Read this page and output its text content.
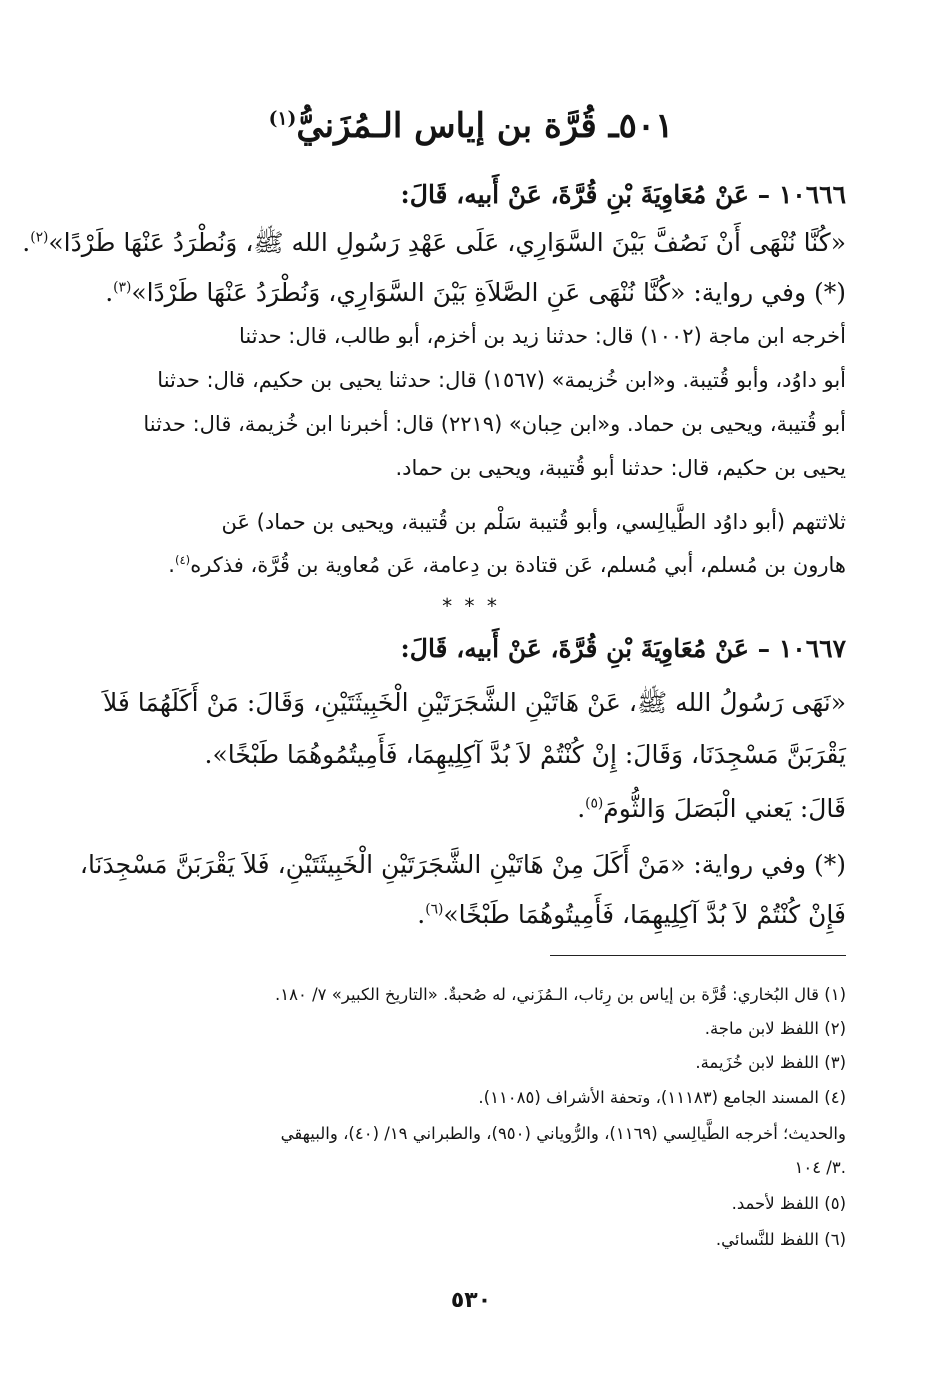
٥٠١ـ قُرَّة بن إياس الـمُزَنيُّ$^{(١)}$
١٠٦٦٦ – عَنْ مُعَاوِيَةَ بْنِ قُرَّةَ، عَنْ أَبيه، قَالَ:
«كُنَّا نُنْهَى أَنْ نَصُفَّ بَيْنَ السَّوَارِي، عَلَى عَهْدِ رَسُولِ الله ﷺ، وَنُطْرَدُ عَنْهَا طَرْدًا»$^{(٢)}$.
(*) وفي رواية: «كُنَّا نُنْهَى عَنِ الصَّلاَةِ بَيْنَ السَّوَارِي، وَنُطْرَدُ عَنْهَا طَرْدًا»$^{(٣)}$.
أخرجه ابن ماجة (١٠٠٢) قال: حدثنا زيد بن أخزم، أبو طالب، قال: حدثنا
أبو داوُد، وأبو قُتيبة. و«ابن خُزيمة» (١٥٦٧) قال: حدثنا يحيى بن حكيم، قال: حدثنا
أبو قُتيبة، ويحيى بن حماد. و«ابن حِبان» (٢٢١٩) قال: أخبرنا ابن خُزيمة، قال: حدثنا
يحيى بن حكيم، قال: حدثنا أبو قُتيبة، ويحيى بن حماد.
ثلاثتهم (أبو داوُد الطَّيالِسي، وأبو قُتيبة سَلْم بن قُتيبة، ويحيى بن حماد) عَن
هارون بن مُسلم، أبي مُسلم، عَن قتادة بن دِعامة، عَن مُعاوية بن قُرَّة، فذكره$^{(٤)}$.
* * *
١٠٦٦٧ – عَنْ مُعَاوِيَةَ بْنِ قُرَّةَ، عَنْ أَبيه، قَالَ:
«نَهَى رَسُولُ الله ﷺ، عَنْ هَاتَيْنِ الشَّجَرَتَيْنِ الْخَبِيثَتَيْنِ، وَقَالَ: مَنْ أَكَلَهُمَا فَلاَ
يَقْرَبَنَّ مَسْجِدَنَا، وَقَالَ: إِنْ كُنْتُمْ لاَ بُدَّ آكِلِيهِمَا، فَأَمِيتُمُوهُمَا طَبْخًا».
قَالَ: يَعني الْبَصَلَ وَالثُّومَ$^{(٥)}$.
(*) وفي رواية: «مَنْ أَكَلَ مِنْ هَاتَيْنِ الشَّجَرَتَيْنِ الْخَبِيثَتَيْنِ، فَلاَ يَقْرَبَنَّ مَسْجِدَنَا،
فَإِنْ كُنْتُمْ لاَ بُدَّ آكِلِيهِمَا، فَأَمِيتُوهُمَا طَبْخًا»$^{(٦)}$.
(١) قال البُخاري: قُرَّة بن إياس بن رِئاب، الـمُزَني، له صُحبةٌ. «التاريخ الكبير» ٧/ ١٨٠.
(٢) اللفظ لابن ماجة.
(٣) اللفظ لابن خُزَيمة.
(٤) المسند الجامع (١١١٨٣)، وتحفة الأشراف (١١٠٨٥).
والحديث؛ أخرجه الطَّيالِسي (١١٦٩)، والرُّوياني (٩٥٠)، والطبراني ١٩/ (٤٠)، والبيهقي
٣/ ١٠٤.
(٥) اللفظ لأحمد.
(٦) اللفظ للنَّسائي.
٥٣٠
